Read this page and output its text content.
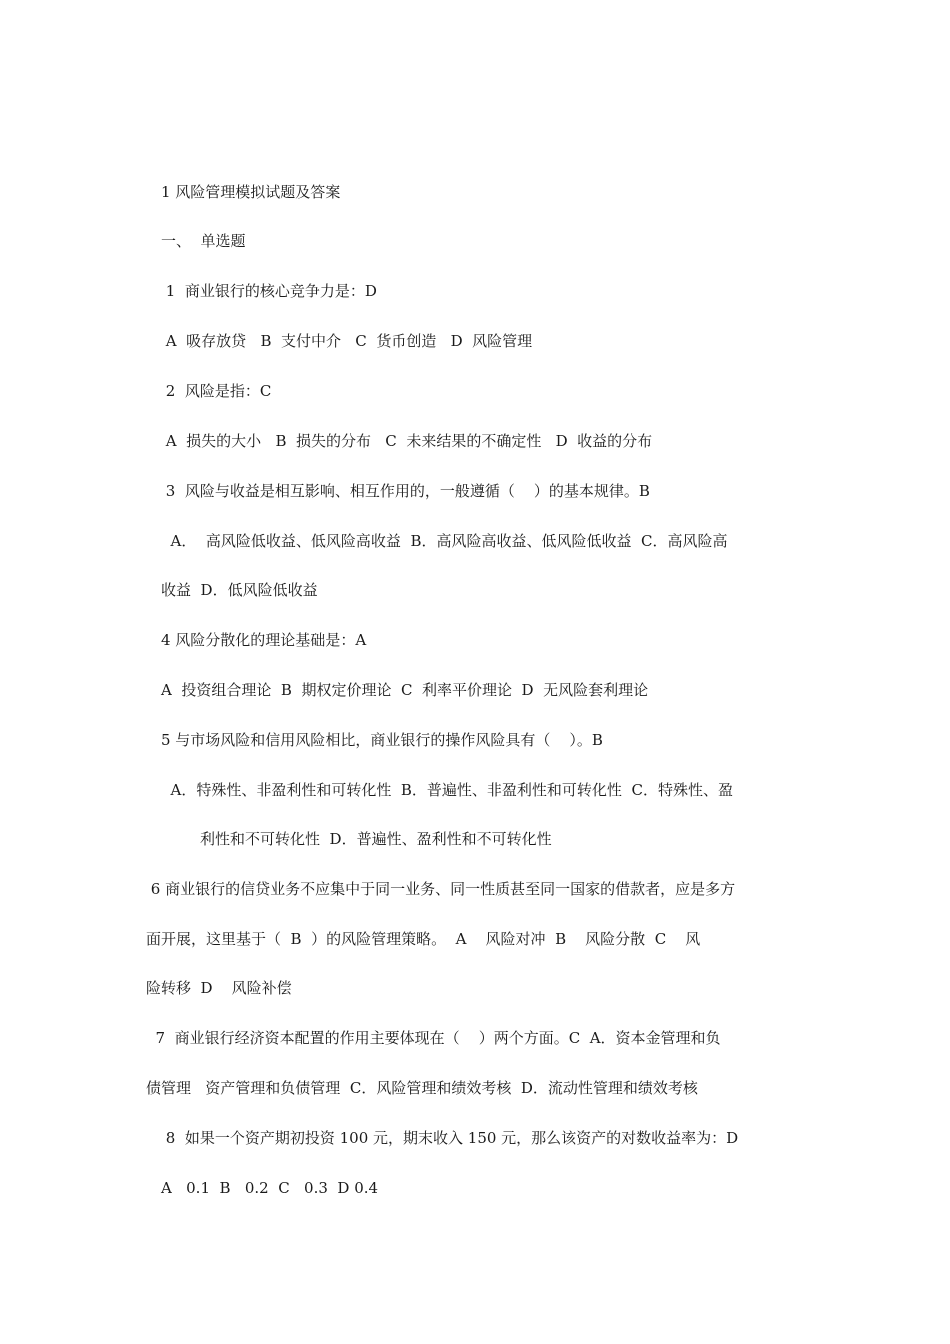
1 风险管理模拟试题及答案
一、  单选题
1  商业银行的核心竞争力是：D
A  吸存放贷   B  支付中介   C  货币创造   D  风险管理
2  风险是指：C
A  损失的大小   B  损失的分布   C  未来结果的不确定性   D  收益的分布
3  风险与收益是相互影响、相互作用的，一般遵循（    ）的基本规律。B
A．  高风险低收益、低风险高收益  B．高风险高收益、低风险低收益  C．高风险高
收益  D．低风险低收益
4 风险分散化的理论基础是：A
A  投资组合理论  B  期权定价理论  C  利率平价理论  D  无风险套利理论
5 与市场风险和信用风险相比，商业银行的操作风险具有（    ）。B
A．特殊性、非盈利性和可转化性  B．普遍性、非盈利性和可转化性  C．特殊性、盈
利性和不可转化性  D．普遍性、盈利性和不可转化性
6 商业银行的信贷业务不应集中于同一业务、同一性质甚至同一国家的借款者，应是多方
面开展，这里基于（  B  ）的风险管理策略。  A    风险对冲  B    风险分散  C    风
险转移  D    风险补偿
7  商业银行经济资本配置的作用主要体现在（    ）两个方面。C  A．资本金管理和负
债管理   资产管理和负债管理  C．风险管理和绩效考核  D．流动性管理和绩效考核
8  如果一个资产期初投资 100 元，期末收入 150 元，那么该资产的对数收益率为：D
A   0.1  B   0.2  C   0.3  D 0.4
